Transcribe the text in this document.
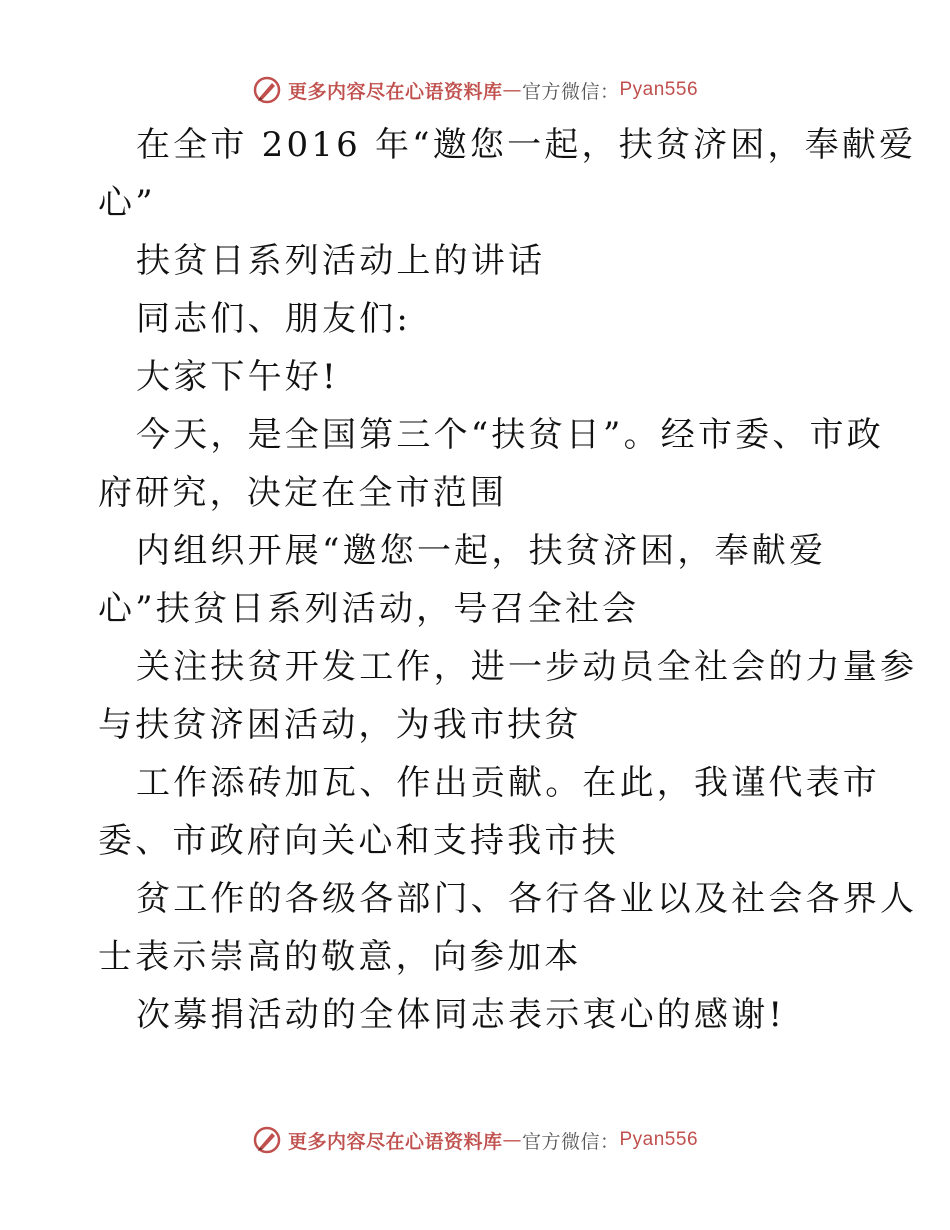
更多内容尽在心语资料库 — 官方微信： Pyan556
在全市 2016 年“邀您一起，扶贫济困，奉献爱
心”
扶贫日系列活动上的讲话
同志们、朋友们:
大家下午好!
今天，是全国第三个“扶贫日”。经市委、市政
府研究，决定在全市范围
内组织开展“邀您一起，扶贫济困，奉献爱
心”扶贫日系列活动，号召全社会
关注扶贫开发工作，进一步动员全社会的力量参
与扶贫济困活动，为我市扶贫
工作添砖加瓦、作出贡献。在此，我谨代表市
委、市政府向关心和支持我市扶
贫工作的各级各部门、各行各业以及社会各界人
士表示崇高的敬意，向参加本
次募捐活动的全体同志表示衷心的感谢!
更多内容尽在心语资料库 — 官方微信： Pyan556
